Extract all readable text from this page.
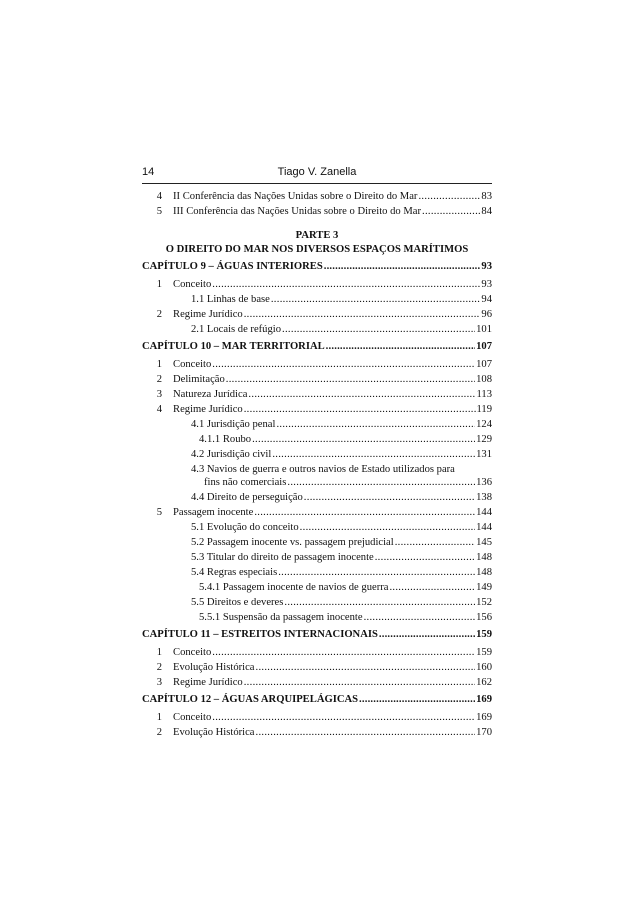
14	Tiago V. Zanella
4	II Conferência das Nações Unidas sobre o Direito do Mar .....	83
5	III Conferência das Nações Unidas sobre o Direito do Mar .....	84
PARTE 3
O DIREITO DO MAR NOS DIVERSOS ESPAÇOS MARÍTIMOS
CAPÍTULO 9 – ÁGUAS INTERIORES .....	93
1	Conceito .....	93
1.1 Linhas de base .....	94
2	Regime Jurídico .....	96
2.1 Locais de refúgio .....	101
CAPÍTULO 10 – MAR TERRITORIAL .....	107
1	Conceito .....	107
2	Delimitação .....	108
3	Natureza Jurídica .....	113
4	Regime Jurídico .....	119
4.1 Jurisdição penal .....	124
4.1.1 Roubo .....	129
4.2 Jurisdição civil .....	131
4.3 Navios de guerra e outros navios de Estado utilizados para
fins não comerciais .....	136
4.4 Direito de perseguição .....	138
5	Passagem inocente .....	144
5.1 Evolução do conceito .....	144
5.2 Passagem inocente vs. passagem prejudicial .....	145
5.3 Titular do direito de passagem inocente .....	148
5.4 Regras especiais .....	148
5.4.1 Passagem inocente de navios de guerra .....	149
5.5 Direitos e deveres .....	152
5.5.1 Suspensão da passagem inocente .....	156
CAPÍTULO 11 – ESTREITOS INTERNACIONAIS .....	159
1	Conceito .....	159
2	Evolução Histórica .....	160
3	Regime Jurídico .....	162
CAPÍTULO 12 – ÁGUAS ARQUIPELÁGICAS .....	169
1	Conceito .....	169
2	Evolução Histórica .....	170
